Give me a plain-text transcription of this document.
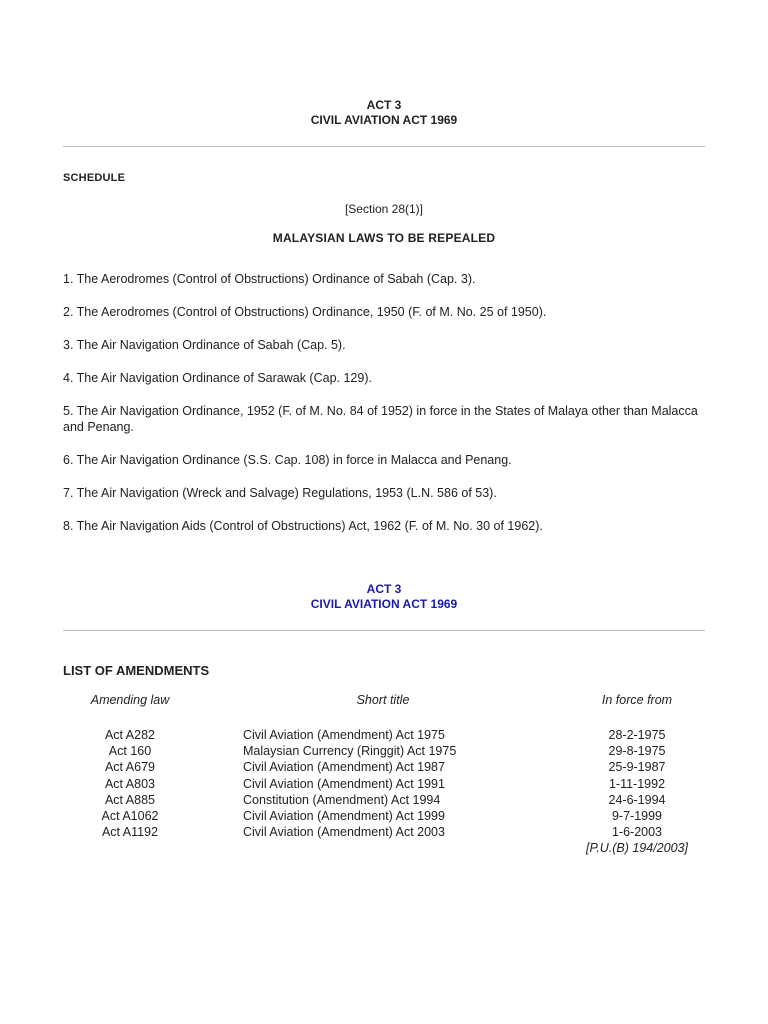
ACT 3
CIVIL AVIATION ACT 1969
SCHEDULE
[Section 28(1)]
MALAYSIAN LAWS TO BE REPEALED

1. The Aerodromes (Control of Obstructions) Ordinance of Sabah (Cap. 3).

2. The Aerodromes (Control of Obstructions) Ordinance, 1950 (F. of M. No. 25 of 1950).

3. The Air Navigation Ordinance of Sabah (Cap. 5).

4. The Air Navigation Ordinance of Sarawak (Cap. 129).

5. The Air Navigation Ordinance, 1952 (F. of M. No. 84 of 1952) in force in the States of Malaya other than Malacca and Penang.

6. The Air Navigation Ordinance (S.S. Cap. 108) in force in Malacca and Penang.

7. The Air Navigation (Wreck and Salvage) Regulations, 1953 (L.N. 586 of 53).

8. The Air Navigation Aids (Control of Obstructions) Act, 1962 (F. of M. No. 30 of 1962).

ACT 3
CIVIL AVIATION ACT 1969
LIST OF AMENDMENTS
Amending law	Short title	In force from
Act A282	Civil Aviation (Amendment) Act 1975	28-2-1975
Act 160	Malaysian Currency (Ringgit) Act 1975	29-8-1975
Act A679	Civil Aviation (Amendment) Act 1987	25-9-1987
Act A803	Civil Aviation (Amendment) Act 1991	1-11-1992
Act A885	Constitution (Amendment) Act 1994	24-6-1994
Act A1062	Civil Aviation (Amendment) Act 1999	9-7-1999
Act A1192	Civil Aviation (Amendment) Act 2003	1-6-2003
[P.U.(B) 194/2003]
